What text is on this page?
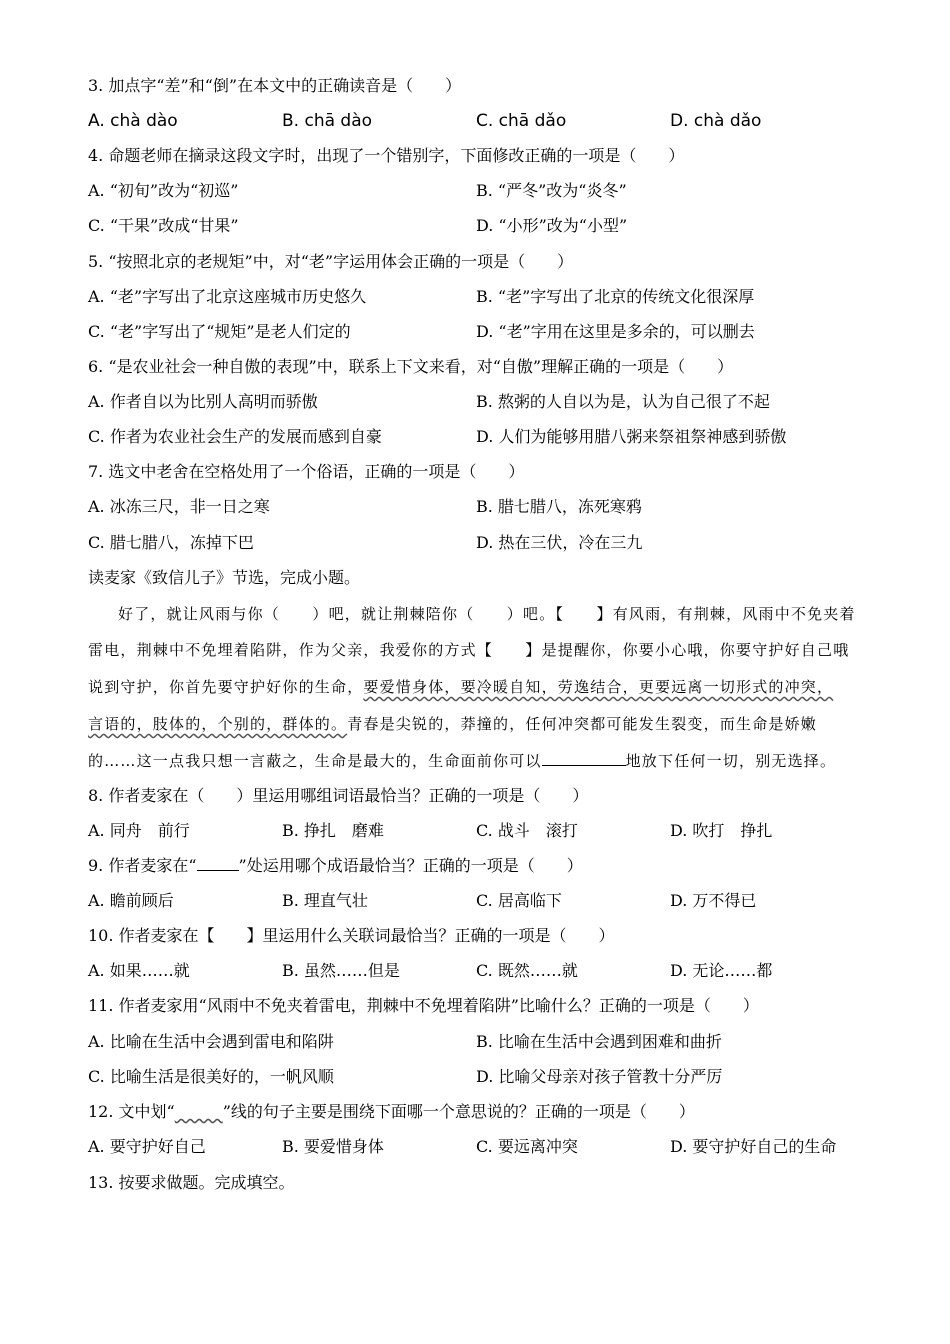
3. 加点字“差”和“倒”在本文中的正确读音是（　　）
A. chà dào	B. chā dào	C. chā dǎo	D. chà dǎo
4. 命题老师在摘录这段文字时，出现了一个错别字，下面修改正确的一项是（　　）
A. “初旬”改为“初巡”	B. “严冬”改为“炎冬”
C. “干果”改成“甘果”	D. “小形”改为“小型”
5. “按照北京的老规矩”中，对“老”字运用体会正确的一项是（　　）
A. “老”字写出了北京这座城市历史悠久	B. “老”字写出了北京的传统文化很深厚
C. “老”字写出了“规矩”是老人们定的	D. “老”字用在这里是多余的，可以删去
6. “是农业社会一种自傲的表现”中，联系上下文来看，对“自傲”理解正确的一项是（　　）
A. 作者自以为比别人高明而骄傲	B. 熬粥的人自以为是，认为自己很了不起
C. 作者为农业社会生产的发展而感到自豪	D. 人们为能够用腊八粥来祭祖祭神感到骄傲
7. 选文中老舍在空格处用了一个俗语，正确的一项是（　　）
A. 冰冻三尺，非一日之寒	B. 腊七腊八，冻死寒鸦
C. 腊七腊八，冻掉下巴	D. 热在三伏，冷在三九
读麦家《致信儿子》节选，完成小题。
好了，就让风雨与你（　　）吧，就让荆棘陪你（　　）吧。【　　】有风雨，有荆棘，风雨中不免夹着
雷电，荆棘中不免埋着陷阱，作为父亲，我爱你的方式【　　】是提醒你，你要小心哦，你要守护好自己哦
说到守护，你首先要守护好你的生命，要爱惜身体，要冷暖自知，劳逸结合，更要远离一切形式的冲突，
言语的，肢体的，个别的，群体的。青春是尖锐的，莽撞的，任何冲突都可能发生裂变，而生命是娇嫩
的……这一点我只想一言蔽之，生命是最大的，生命面前你可以	地放下任何一切，别无选择。
8. 作者麦家在（　　）里运用哪组词语最恰当？正确的一项是（　　）
A. 同舟　前行	B. 挣扎　磨难	C. 战斗　滚打	D. 吹打　挣扎
9. 作者麦家在“	”处运用哪个成语最恰当？正确的一项是（　　）
A. 瞻前顾后	B. 理直气壮	C. 居高临下	D. 万不得已
10. 作者麦家在【　　】里运用什么关联词最恰当？正确的一项是（　　）
A. 如果……就	B. 虽然……但是	C. 既然……就	D. 无论……都
11. 作者麦家用“风雨中不免夹着雷电，荆棘中不免埋着陷阱”比喻什么？正确的一项是（　　）
A. 比喻在生活中会遇到雷电和陷阱	B. 比喻在生活中会遇到困难和曲折
C. 比喻生活是很美好的，一帆风顺	D. 比喻父母亲对孩子管教十分严厉
12. 文中划“​      ”线的句子主要是围绕下面哪一个意思说的？正确的一项是（　　）
A. 要守护好自己	B. 要爱惜身体	C. 要远离冲突	D. 要守护好自己的生命
13. 按要求做题。完成填空。
